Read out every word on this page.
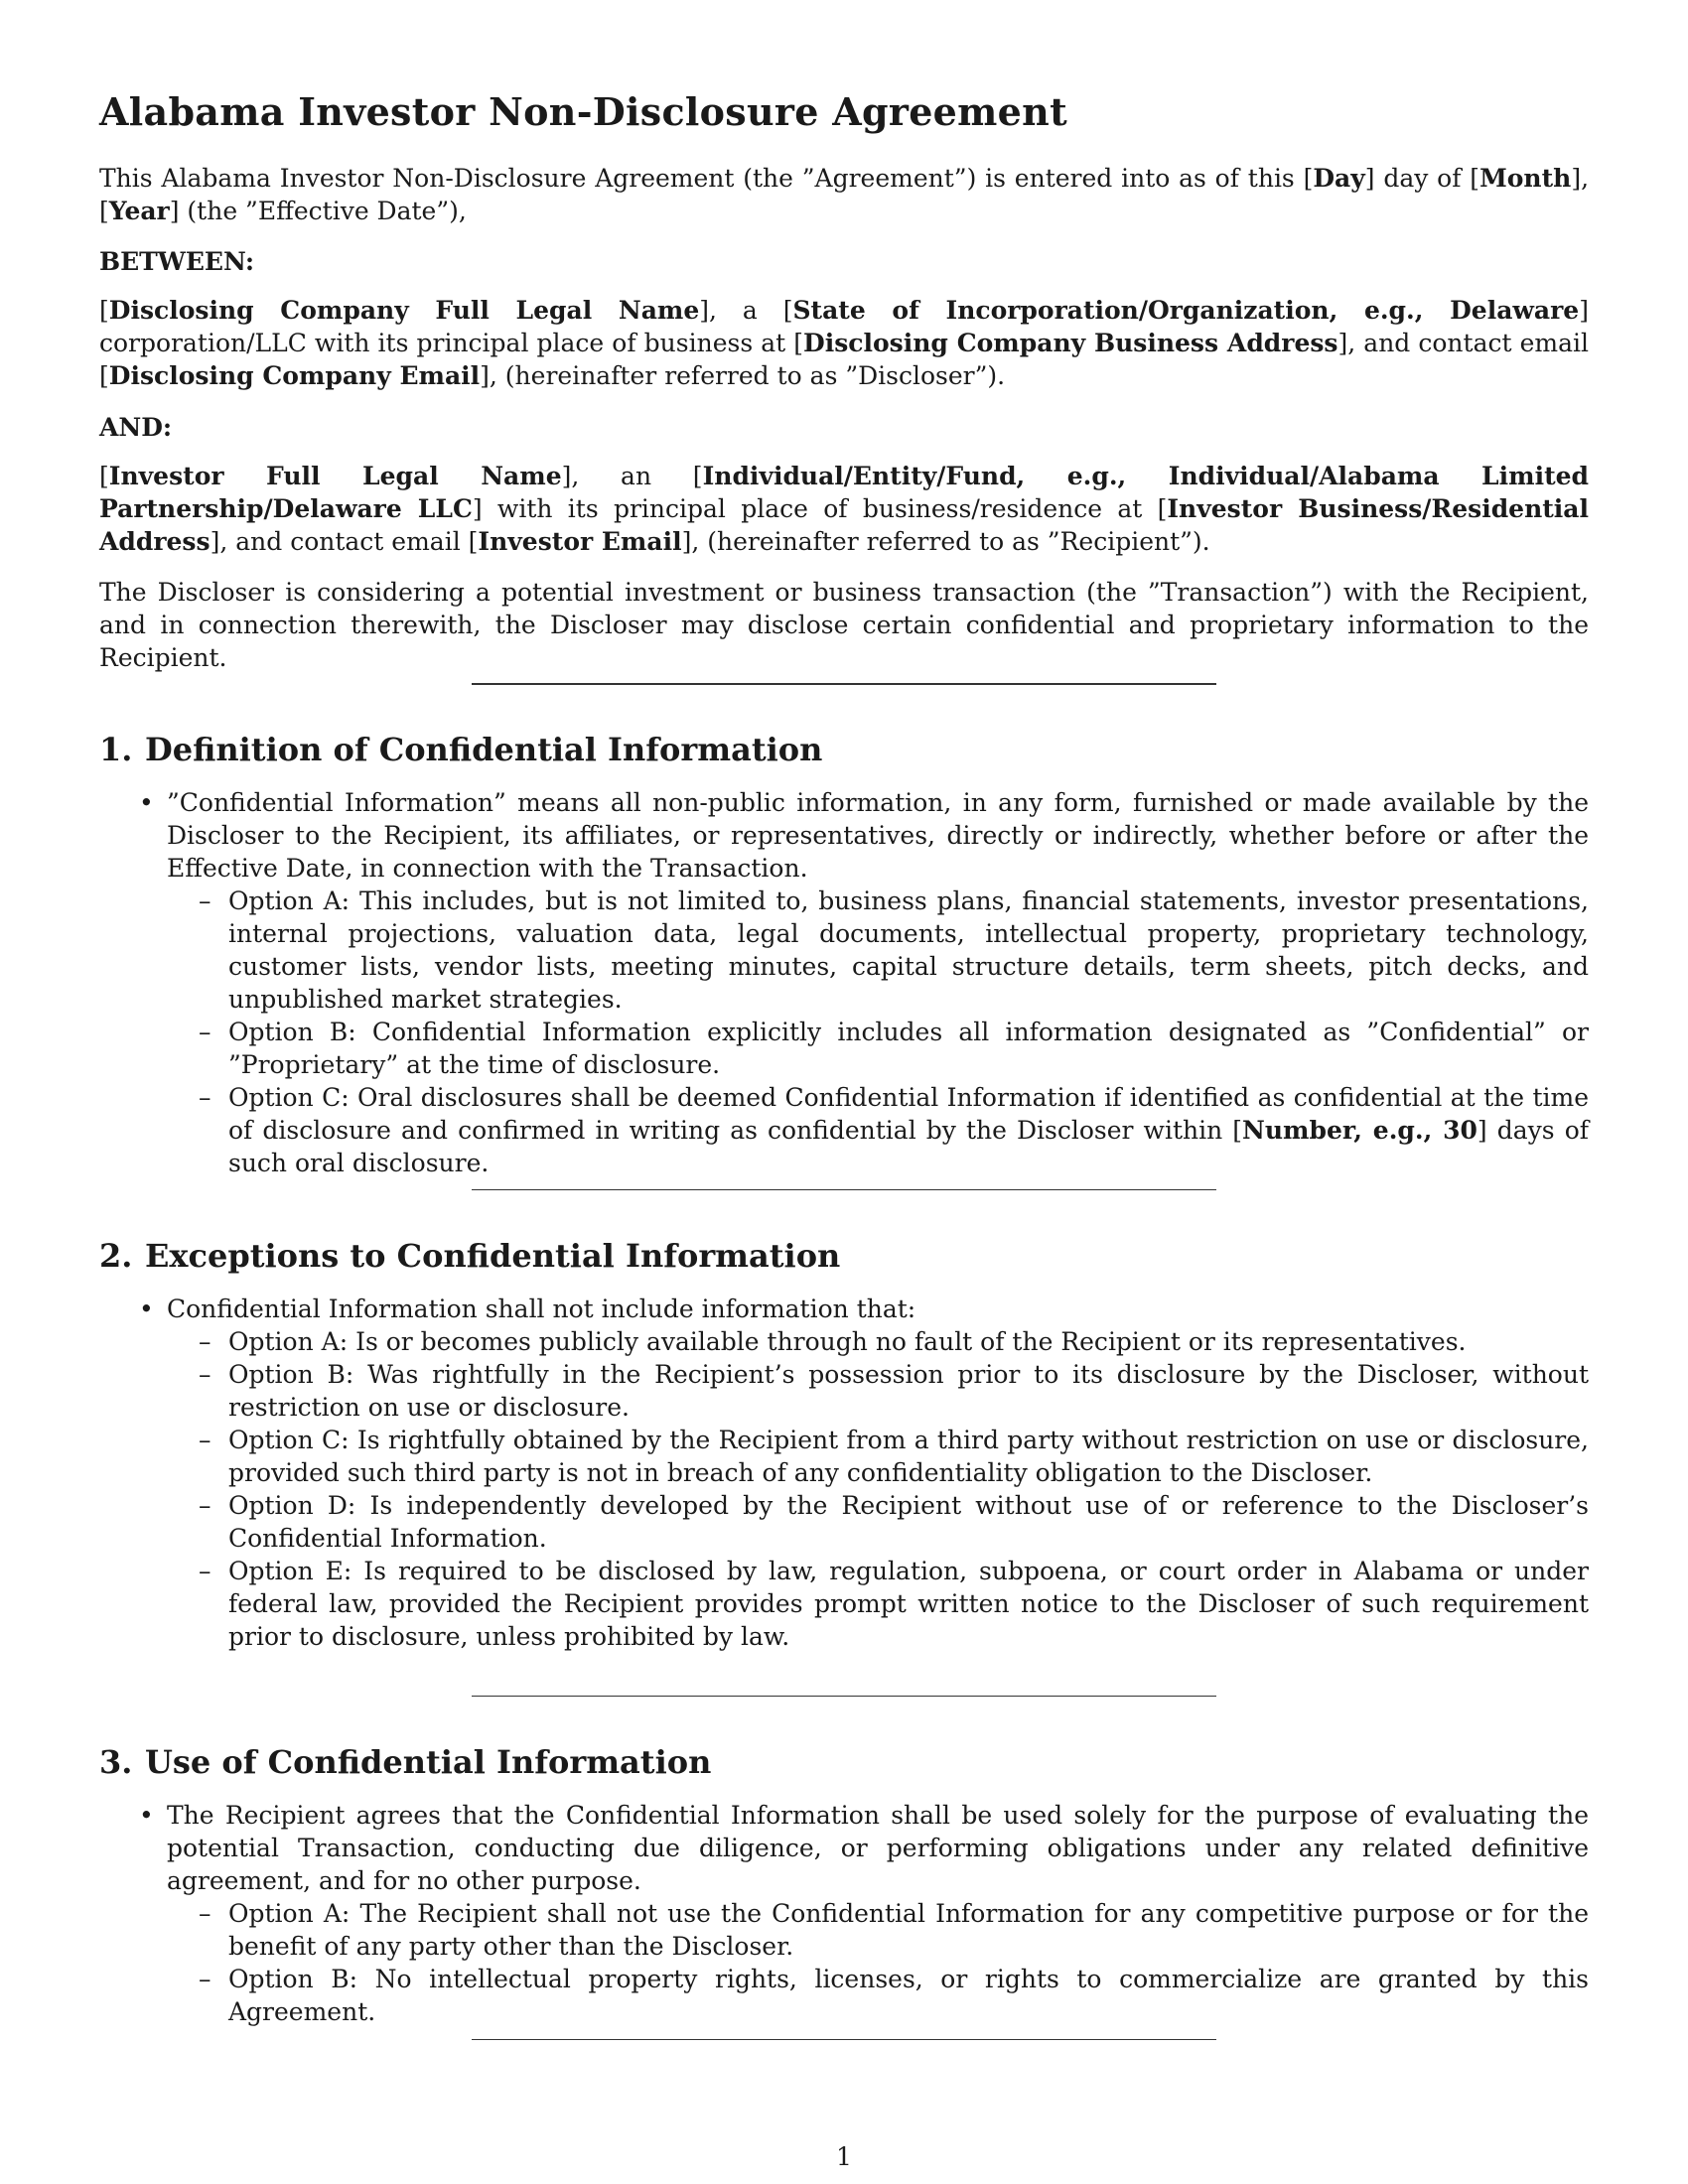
Alabama Investor Non-Disclosure Agreement

This Alabama Investor Non-Disclosure Agreement (the ”Agreement”) is entered into as of this [Day] day of [Month], [Year] (the ”Effective Date”),

BETWEEN:

[Disclosing Company Full Legal Name], a [State of Incorporation/Organization, e.g., Delaware] corporation/LLC with its principal place of business at [Disclosing Company Business Address], and contact email [Disclosing Company Email], (hereinafter referred to as ”Discloser”).

AND:

[Investor Full Legal Name], an [Individual/Entity/Fund, e.g., Individual/Alabama Limited Partnership/Delaware LLC] with its principal place of business/residence at [Investor Business/Residential Address], and contact email [Investor Email], (hereinafter referred to as ”Recipient”).

The Discloser is considering a potential investment or business transaction (the ”Transaction”) with the Recipient, and in connection therewith, the Discloser may disclose certain confidential and proprietary information to the Recipient.

1. Definition of Confidential Information
• ”Confidential Information” means all non-public information, in any form, furnished or made available by the Discloser to the Recipient, its affiliates, or representatives, directly or indirectly, whether before or after the Effective Date, in connection with the Transaction.
– Option A: This includes, but is not limited to, business plans, financial statements, investor presentations, internal projections, valuation data, legal documents, intellectual property, proprietary technology, customer lists, vendor lists, meeting minutes, capital structure details, term sheets, pitch decks, and unpublished market strategies.
– Option B: Confidential Information explicitly includes all information designated as ”Confidential” or ”Proprietary” at the time of disclosure.
– Option C: Oral disclosures shall be deemed Confidential Information if identified as confidential at the time of disclosure and confirmed in writing as confidential by the Discloser within [Number, e.g., 30] days of such oral disclosure.
2. Exceptions to Confidential Information
• Confidential Information shall not include information that:
– Option A: Is or becomes publicly available through no fault of the Recipient or its representatives.
– Option B: Was rightfully in the Recipient’s possession prior to its disclosure by the Discloser, without restriction on use or disclosure.
– Option C: Is rightfully obtained by the Recipient from a third party without restriction on use or disclosure, provided such third party is not in breach of any confidentiality obligation to the Discloser.
– Option D: Is independently developed by the Recipient without use of or reference to the Discloser’s Confidential Information.
– Option E: Is required to be disclosed by law, regulation, subpoena, or court order in Alabama or under federal law, provided the Recipient provides prompt written notice to the Discloser of such requirement prior to disclosure, unless prohibited by law.
3. Use of Confidential Information
• The Recipient agrees that the Confidential Information shall be used solely for the purpose of evaluating the potential Transaction, conducting due diligence, or performing obligations under any related definitive agreement, and for no other purpose.
– Option A: The Recipient shall not use the Confidential Information for any competitive purpose or for the benefit of any party other than the Discloser.
– Option B: No intellectual property rights, licenses, or rights to commercialize are granted by this Agreement.
1
